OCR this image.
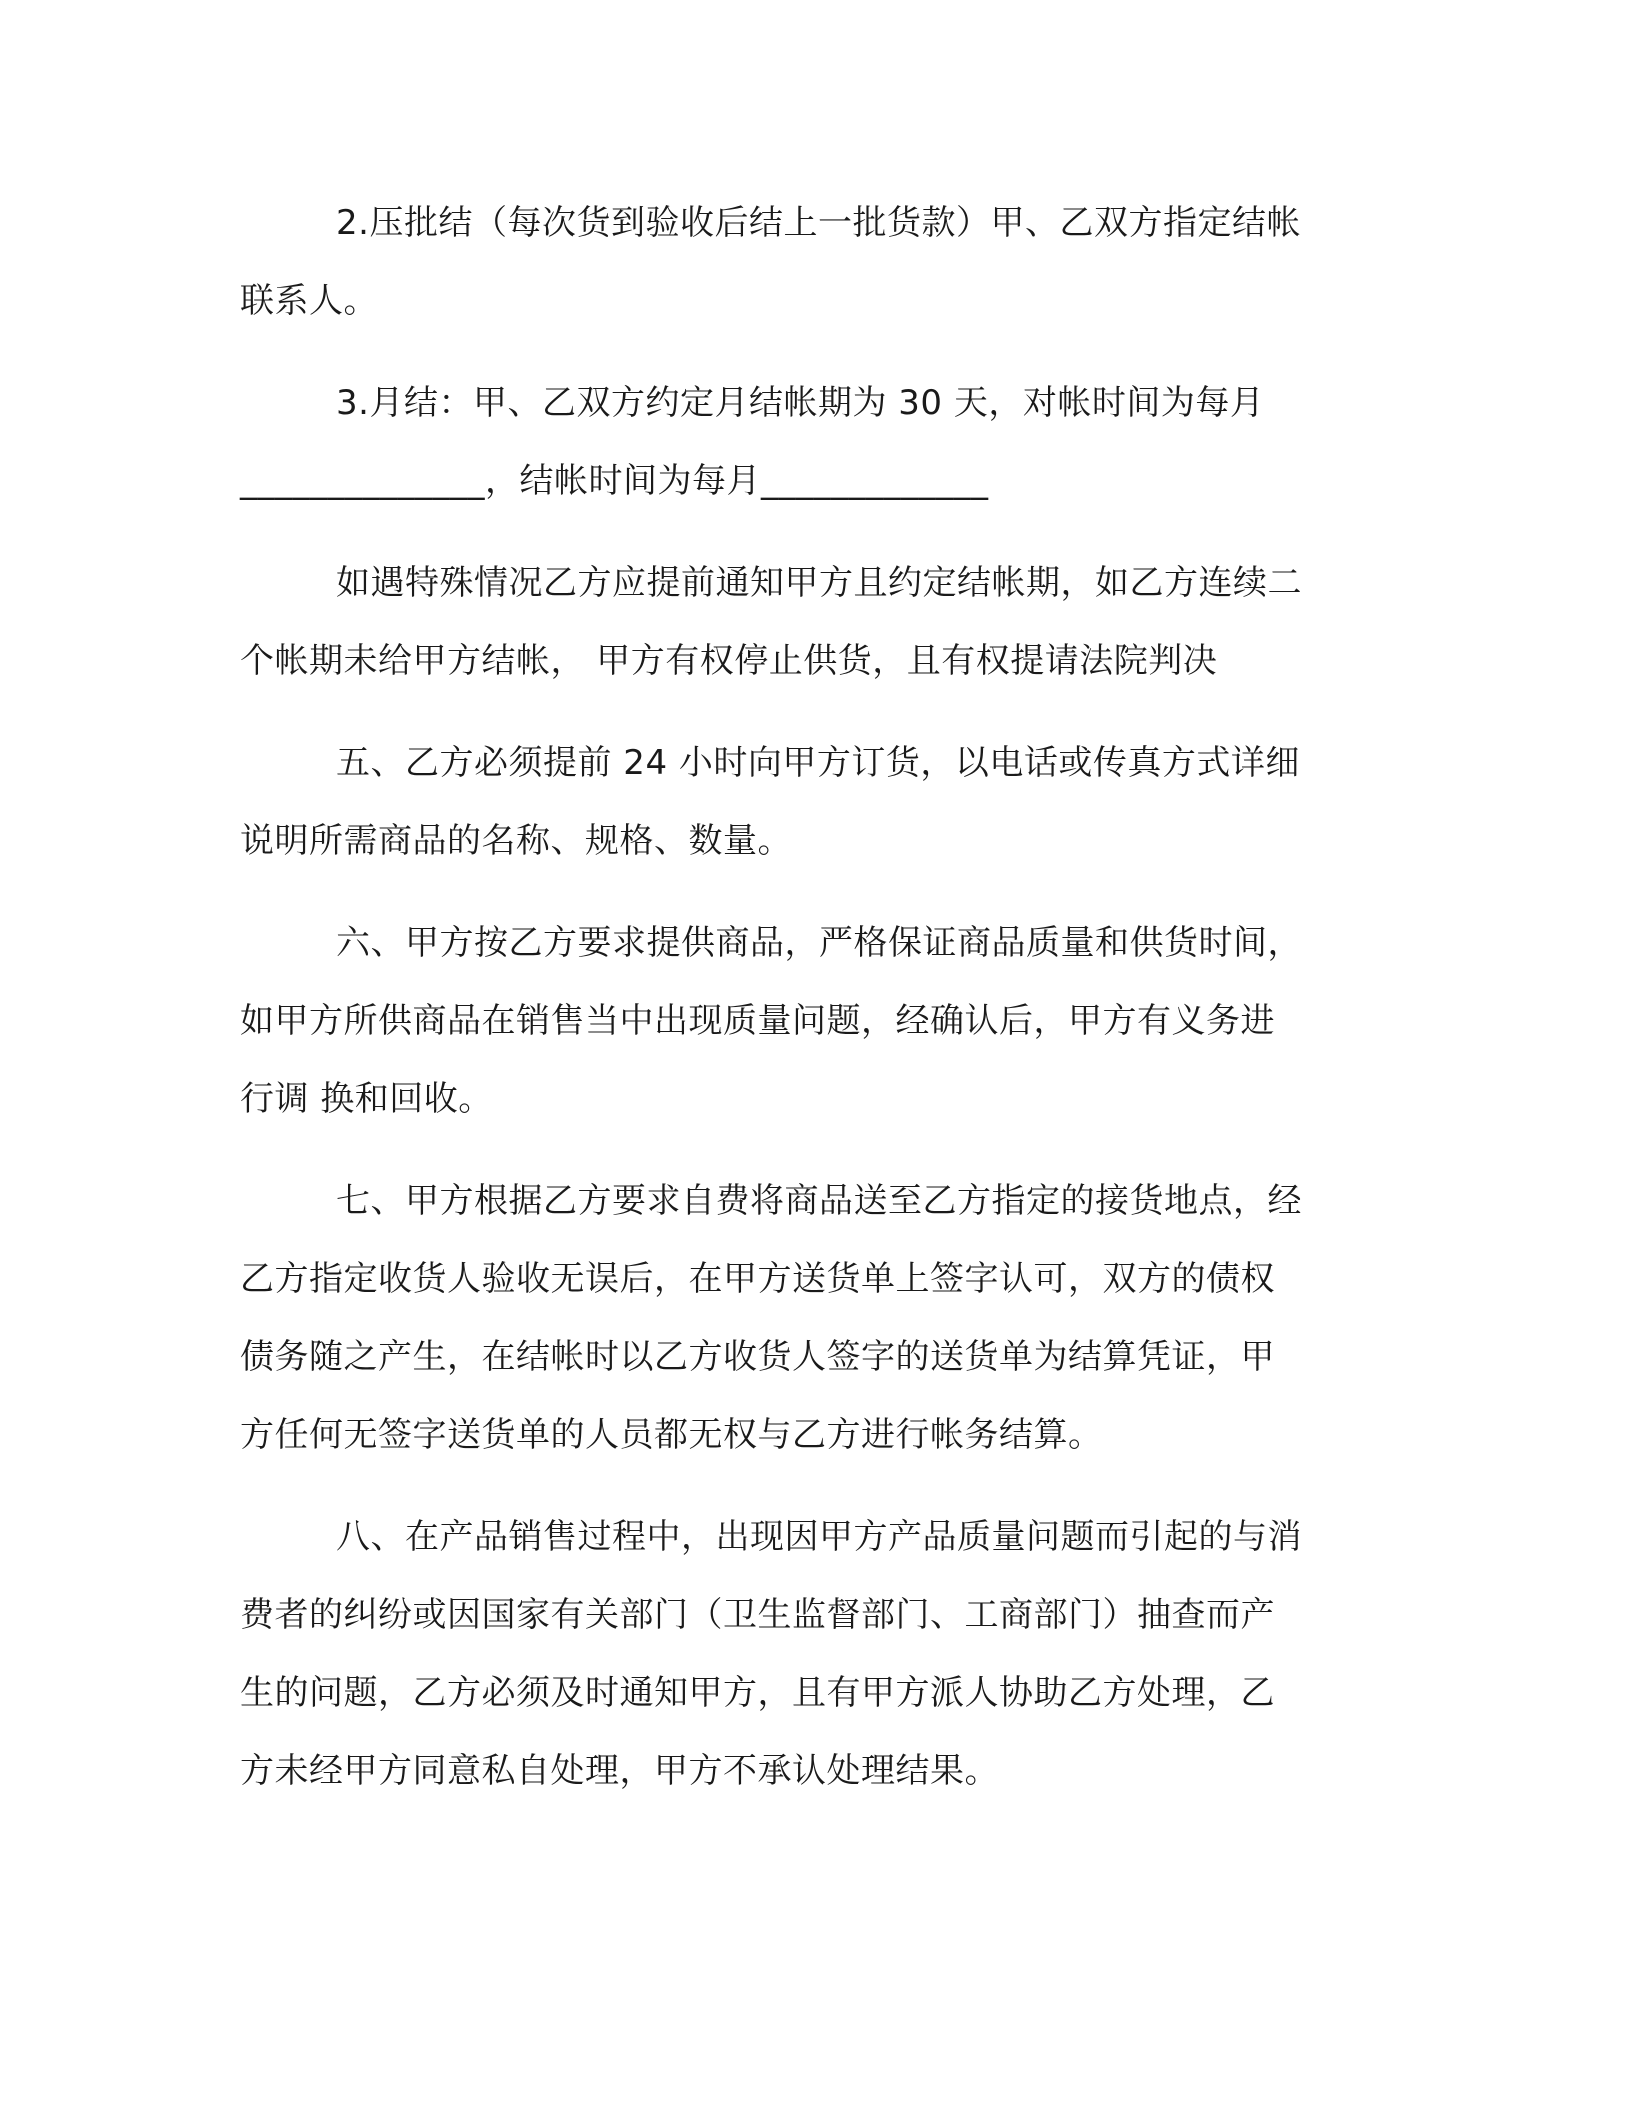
2.压批结（每次货到验收后结上一批货款）甲、乙双方指定结帐
联系人。
3.月结：甲、乙双方约定月结帐期为 30 天，对帐时间为每月
______________，结帐时间为每月_____________
如遇特殊情况乙方应提前通知甲方且约定结帐期，如乙方连续二
个帐期未给甲方结帐， 甲方有权停止供货，且有权提请法院判决
五、乙方必须提前 24 小时向甲方订货，以电话或传真方式详细
说明所需商品的名称、规格、数量。
六、甲方按乙方要求提供商品，严格保证商品质量和供货时间，
如甲方所供商品在销售当中出现质量问题，经确认后，甲方有义务进
行调 换和回收。
七、甲方根据乙方要求自费将商品送至乙方指定的接货地点，经
乙方指定收货人验收无误后，在甲方送货单上签字认可，双方的债权
债务随之产生，在结帐时以乙方收货人签字的送货单为结算凭证，甲
方任何无签字送货单的人员都无权与乙方进行帐务结算。
八、在产品销售过程中，出现因甲方产品质量问题而引起的与消
费者的纠纷或因国家有关部门（卫生监督部门、工商部门）抽查而产
生的问题，乙方必须及时通知甲方，且有甲方派人协助乙方处理，乙
方未经甲方同意私自处理，甲方不承认处理结果。
